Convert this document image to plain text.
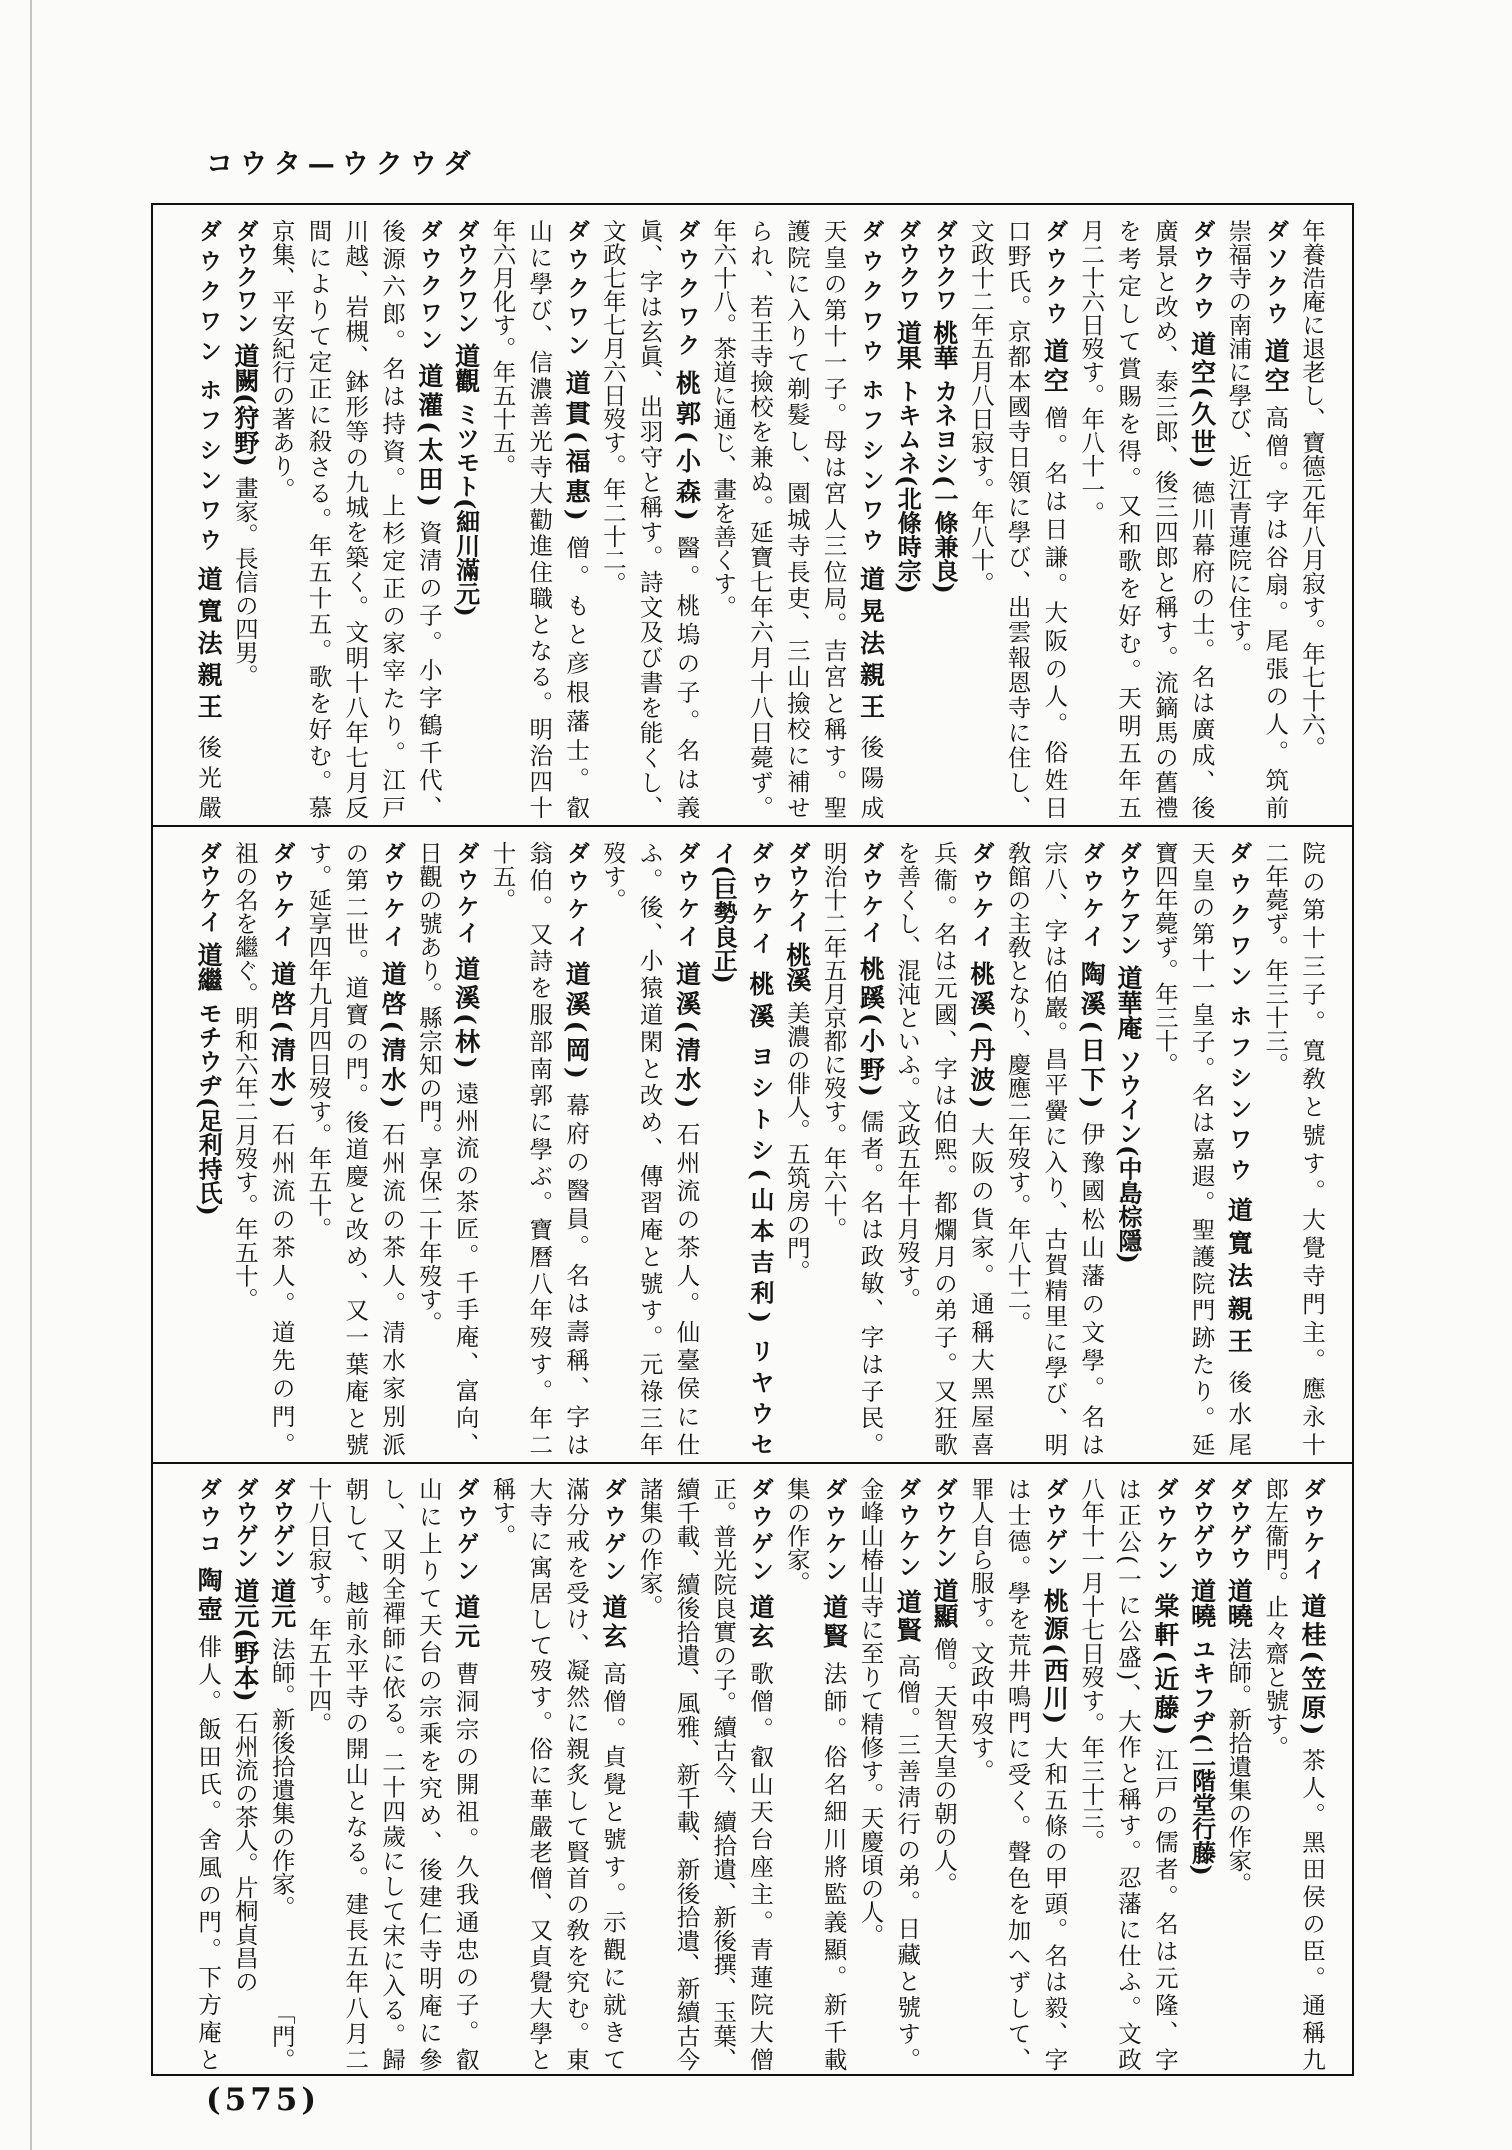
コウタ—ウクウダ
年養浩庵に退老し、寶德元年八月寂す。年七十六。
ダソクウ道空高僧。字は谷扇。尾張の人。筑前
崇福寺の南浦に學び、近江青蓮院に住す。
ダウクウ道空(久世)德川幕府の士。名は廣成、後
廣景と改め、泰三郎、後三四郎と稱す。流鏑馬の舊禮
を考定して賞賜を得。又和歌を好む。天明五年五
月二十六日歿す。年八十一。
ダウクウ道空僧。名は日謙。大阪の人。俗姓日
口野氏。京都本國寺日領に學び、出雲報恩寺に住し、
文政十二年五月八日寂す。年八十。
ダウクワ桃華カネヨシ(一條兼良)
ダウクワ道果トキムネ(北條時宗)
ダウクワウホフシンワウ道晃法親王後陽成
天皇の第十一子。母は宮人三位局。吉宮と稱す。聖
護院に入りて剃髮し、園城寺長吏、三山撿校に補せ
られ、若王寺撿校を兼ぬ。延寶七年六月十八日薨ず。
年六十八。茶道に通じ、畫を善くす。
ダウクワク桃郭(小森)醫。桃塢の子。名は義
眞、字は玄眞、出羽守と稱す。詩文及び書を能くし、
文政七年七月六日歿す。年二十二。
ダウクワン道貫(福惠)僧。もと彦根藩士。叡
山に學び、信濃善光寺大勸進住職となる。明治四十
年六月化す。年五十五。
ダウクワン道觀ミツモト(細川滿元)
ダウクワン道灌(太田)資清の子。小字鶴千代、
後源六郎。名は持資。上杉定正の家宰たり。江戸
川越、岩槻、鉢形等の九城を築く。文明十八年七月反
間によりて定正に殺さる。年五十五。歌を好む。慕
京集、平安紀行の著あり。
ダウクワン道闕(狩野)畫家。長信の四男。
ダウクワンホフシンワウ道寬法親王後光嚴
院の第十三子。寬敎と號す。大覺寺門主。應永十
二年薨ず。年三十三。
ダウクワンホフシンワウ道寬法親王後水尾
天皇の第十一皇子。名は嘉遐。聖護院門跡たり。延
寶四年薨ず。年三十。
ダウケアン道華庵ソウイン(中島棕隱)
ダウケイ陶溪(日下)伊豫國松山藩の文學。名は
宗八、字は伯巖。昌平黌に入り、古賀精里に學び、明
敎館の主敎となり、慶應二年歿す。年八十二。
ダウケイ桃溪(丹波)大阪の貨家。通稱大黑屋喜
兵衞。名は元國、字は伯熙。都爛月の弟子。又狂歌
を善くし、混沌といふ。文政五年十月歿す。
ダウケイ桃蹊(小野)儒者。名は政敏、字は子民。
明治十二年五月京都に歿す。年六十。
ダウケイ桃溪美濃の俳人。五筑房の門。
ダウケイ桃溪ヨシトシ(山本吉利) リヤウセ
イ(巨勢良正)
ダウケイ道溪(清水)石州流の茶人。仙臺侯に仕
ふ。後、小猿道閑と改め、傳習庵と號す。元祿三年
歿す。
ダウケイ道溪(岡)幕府の醫員。名は壽稱、字は
翁伯。又詩を服部南郭に學ぶ。寶曆八年歿す。年二
十五。
ダウケイ道溪(林)遠州流の茶匠。千手庵、富向、
日觀の號あり。縣宗知の門。享保二十年歿す。
ダウケイ道啓(清水)石州流の茶人。清水家別派
の第二世。道寶の門。後道慶と改め、又一葉庵と號
す。延享四年九月四日歿す。年五十。
ダウケイ道啓(清水)石州流の茶人。道先の門。
祖の名を繼ぐ。明和六年二月歿す。年五十。
ダウケイ道繼モチウヂ(足利持氏)
ダウケイ道桂(笠原)茶人。黑田侯の臣。通稱九
郎左衞門。止々齋と號す。
ダウゲウ道曉法師。新拾遺集の作家。
ダウゲウ道曉ユキフヂ(二階堂行藤)
ダウケン棠軒(近藤)江戸の儒者。名は元隆、字
は正公(一に公盛)、大作と稱す。忍藩に仕ふ。文政
八年十一月十七日歿す。年三十三。
ダウゲン桃源(西川)大和五條の甲頭。名は毅、字
は士德。學を荒井鳴門に受く。聲色を加へずして、
罪人自ら服す。文政中歿す。
ダウケン道顯僧。天智天皇の朝の人。
ダウケン道賢高僧。三善淸行の弟。日藏と號す。
金峰山椿山寺に至りて精修す。天慶頃の人。
ダウケン道賢法師。俗名細川將監義顯。新千載
集の作家。
ダウゲン道玄歌僧。叡山天台座主。青蓮院大僧
正。普光院良實の子。續古今、續拾遺、新後撰、玉葉、
續千載、續後拾遺、風雅、新千載、新後拾遺、新續古今
諸集の作家。
ダウゲン道玄高僧。貞覺と號す。示觀に就きて
滿分戒を受け、凝然に親炙して賢首の敎を究む。東
大寺に寓居して歿す。俗に華嚴老僧、又貞覺大學と
稱す。
ダウゲン道元曹洞宗の開祖。久我通忠の子。叡
山に上りて天台の宗乘を究め、後建仁寺明庵に參
し、又明全禪師に依る。二十四歲にして宋に入る。歸
朝して、越前永平寺の開山となる。建長五年八月二
十八日寂す。年五十四。
ダウゲン道元法師。新後拾遺集の作家。
「門。
ダウゲン道元(野本)石州流の茶人。片桐貞昌の
ダウコ陶壺俳人。飯田氏。舍風の門。下方庵と
(575)
